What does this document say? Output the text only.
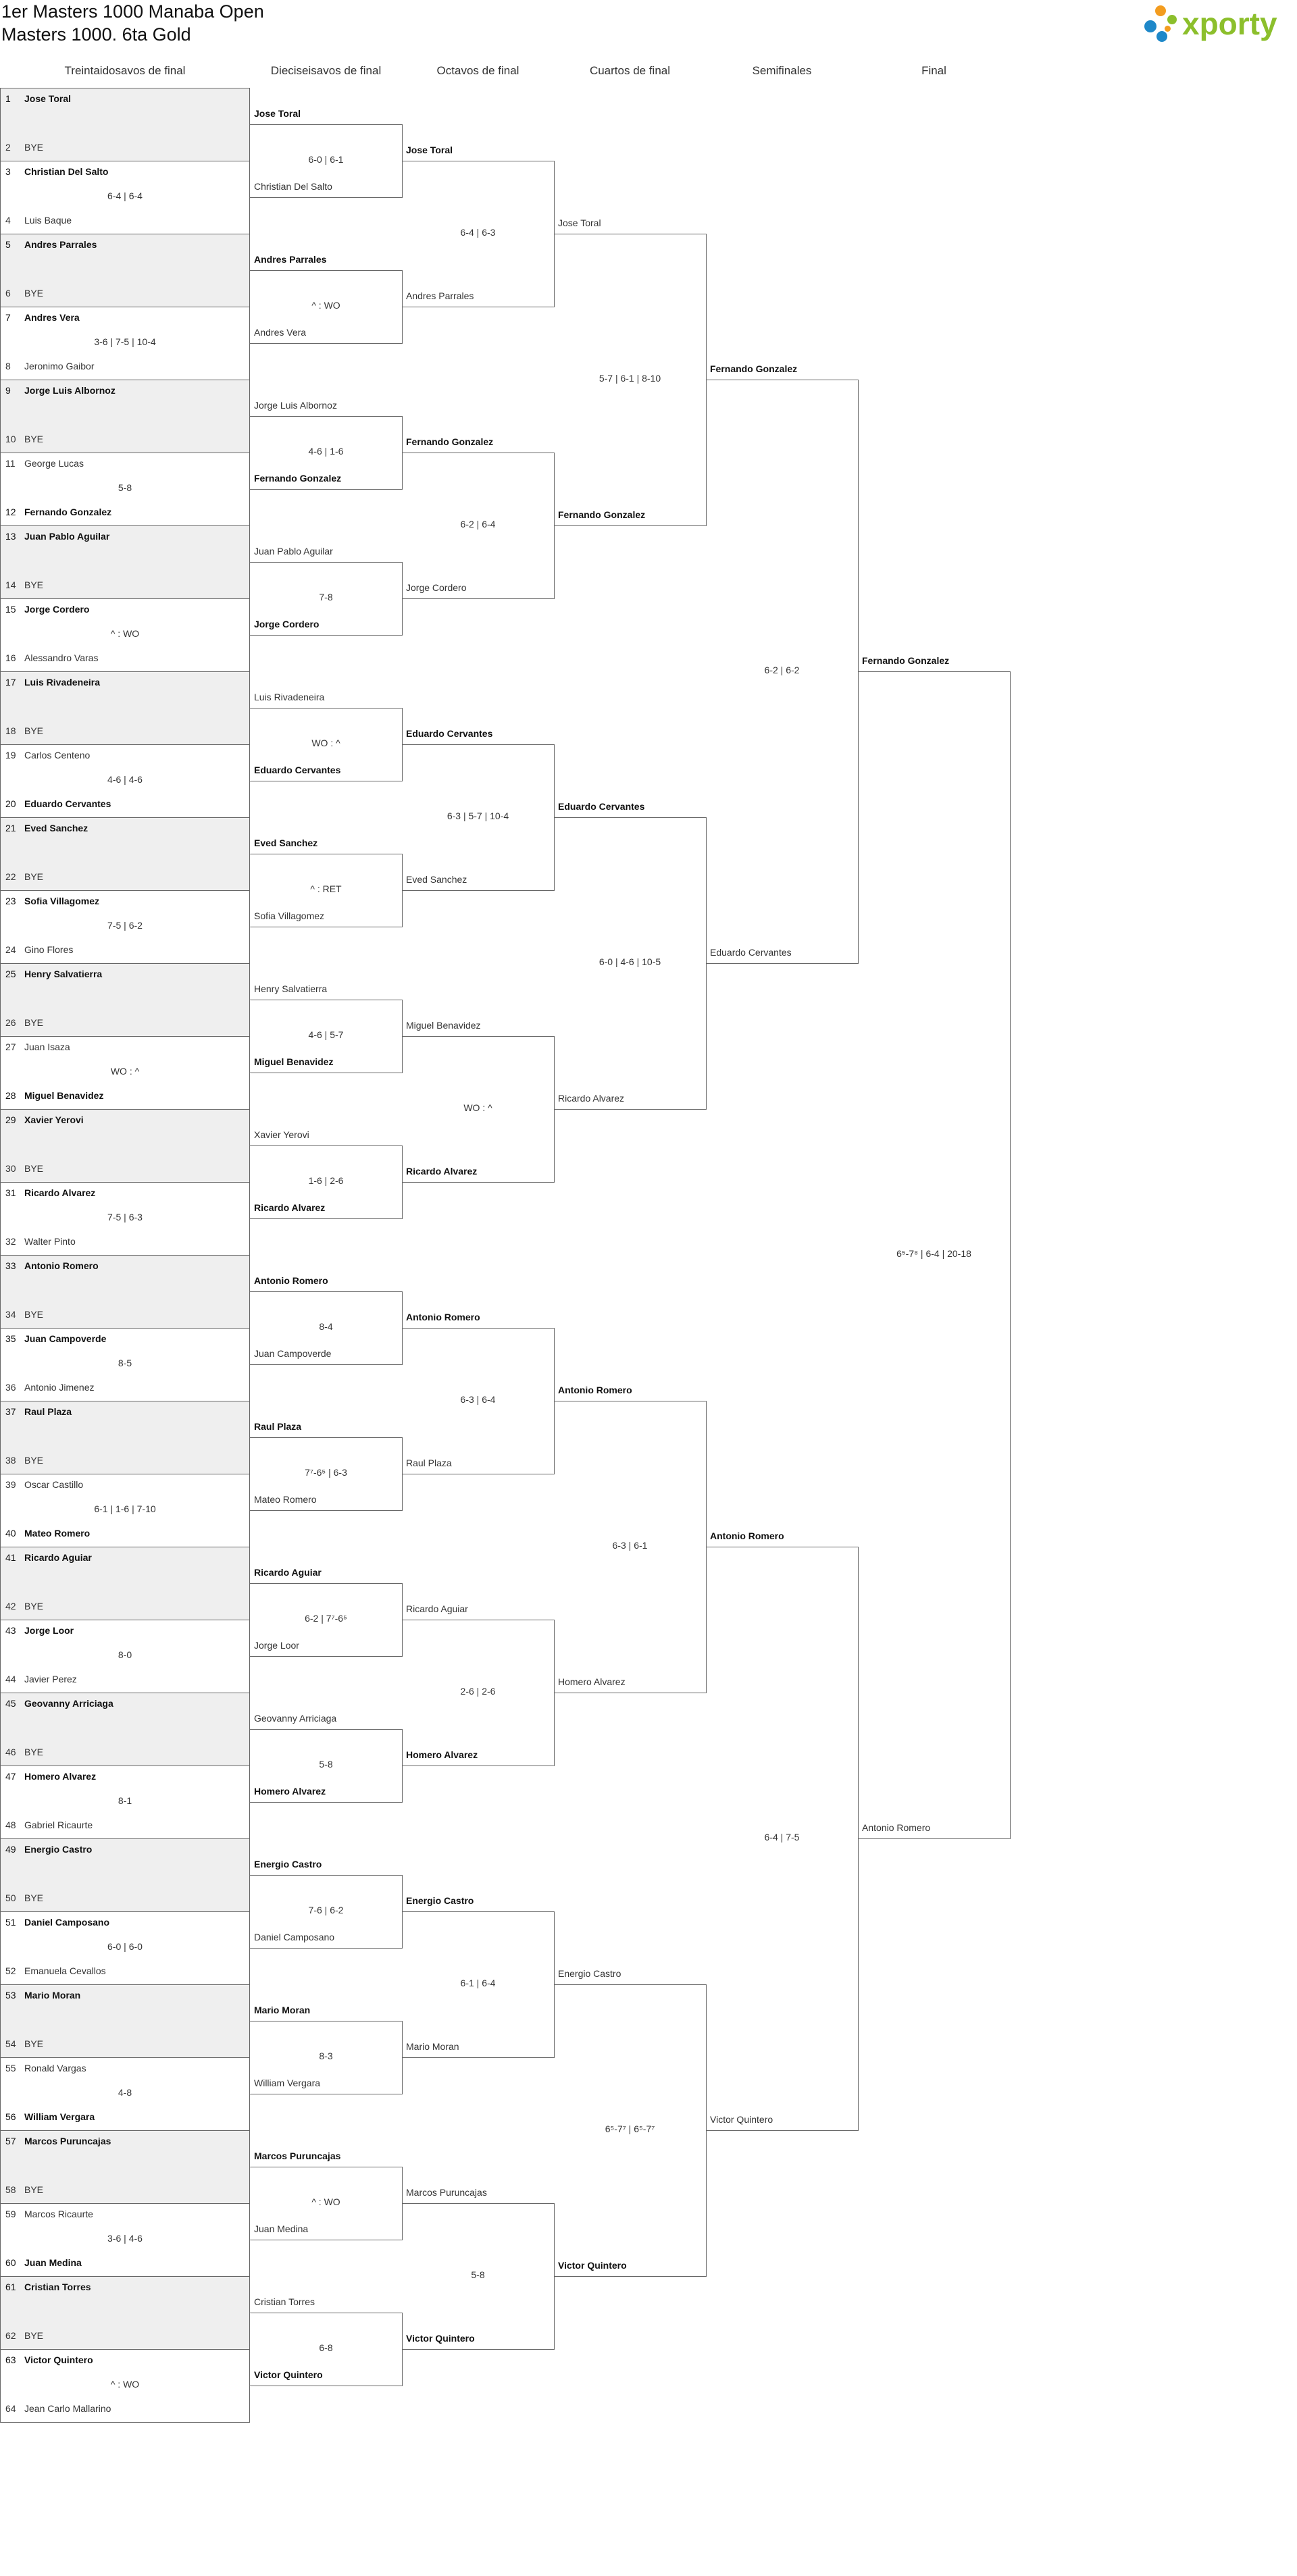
1er Masters 1000 Manaba Open
Masters 1000. 6ta Gold	xporty
Treintaidosavos de final	Dieciseisavos de final	Octavos de final	Cuartos de final	Semifinales	Final
1 Jose Toral
2 BYE
3 Christian Del Salto
4 Luis Baque
6-4 | 6-4
5 Andres Parrales
6 BYE
7 Andres Vera
8 Jeronimo Gaibor
3-6 | 7-5 | 10-4
9 Jorge Luis Albornoz
10 BYE
11 George Lucas
12 Fernando Gonzalez
5-8
13 Juan Pablo Aguilar
14 BYE
15 Jorge Cordero
16 Alessandro Varas
^ : WO
17 Luis Rivadeneira
18 BYE
19 Carlos Centeno
20 Eduardo Cervantes
4-6 | 4-6
21 Eved Sanchez
22 BYE
23 Sofia Villagomez
24 Gino Flores
7-5 | 6-2
25 Henry Salvatierra
26 BYE
27 Juan Isaza
28 Miguel Benavidez
WO : ^
29 Xavier Yerovi
30 BYE
31 Ricardo Alvarez
32 Walter Pinto
7-5 | 6-3
33 Antonio Romero
34 BYE
35 Juan Campoverde
36 Antonio Jimenez
8-5
37 Raul Plaza
38 BYE
39 Oscar Castillo
40 Mateo Romero
6-1 | 1-6 | 7-10
41 Ricardo Aguiar
42 BYE
43 Jorge Loor
44 Javier Perez
8-0
45 Geovanny Arriciaga
46 BYE
47 Homero Alvarez
48 Gabriel Ricaurte
8-1
49 Energio Castro
50 BYE
51 Daniel Camposano
52 Emanuela Cevallos
6-0 | 6-0
53 Mario Moran
54 BYE
55 Ronald Vargas
56 William Vergara
4-8
57 Marcos Puruncajas
58 BYE
59 Marcos Ricaurte
60 Juan Medina
3-6 | 4-6
61 Cristian Torres
62 BYE
63 Victor Quintero
64 Jean Carlo Mallarino
^ : WO
Jose Toral
Christian Del Salto
6-0 | 6-1
Andres Parrales
Andres Vera
^ : WO
Jorge Luis Albornoz
Fernando Gonzalez
4-6 | 1-6
Juan Pablo Aguilar
Jorge Cordero
7-8
Luis Rivadeneira
Eduardo Cervantes
WO : ^
Eved Sanchez
Sofia Villagomez
^ : RET
Henry Salvatierra
Miguel Benavidez
4-6 | 5-7
Xavier Yerovi
Ricardo Alvarez
1-6 | 2-6
Antonio Romero
Juan Campoverde
8-4
Raul Plaza
Mateo Romero
7⁷-6⁵ | 6-3
Ricardo Aguiar
Jorge Loor
6-2 | 7⁷-6⁵
Geovanny Arriciaga
Homero Alvarez
5-8
Energio Castro
Daniel Camposano
7-6 | 6-2
Mario Moran
William Vergara
8-3
Marcos Puruncajas
Juan Medina
^ : WO
Cristian Torres
Victor Quintero
6-8
Jose Toral
Andres Parrales
6-4 | 6-3
Fernando Gonzalez
Jorge Cordero
6-2 | 6-4
Eduardo Cervantes
Eved Sanchez
6-3 | 5-7 | 10-4
Miguel Benavidez
Ricardo Alvarez
WO : ^
Antonio Romero
Raul Plaza
6-3 | 6-4
Ricardo Aguiar
Homero Alvarez
2-6 | 2-6
Energio Castro
Mario Moran
6-1 | 6-4
Marcos Puruncajas
Victor Quintero
5-8
Jose Toral
Fernando Gonzalez
5-7 | 6-1 | 8-10
Eduardo Cervantes
Ricardo Alvarez
6-0 | 4-6 | 10-5
Antonio Romero
Homero Alvarez
6-3 | 6-1
Energio Castro
Victor Quintero
6⁵-7⁷ | 6⁵-7⁷
Fernando Gonzalez
Eduardo Cervantes
6-2 | 6-2
Antonio Romero
Victor Quintero
6-4 | 7-5
Fernando Gonzalez
Antonio Romero
6⁵-7⁸ | 6-4 | 20-18
